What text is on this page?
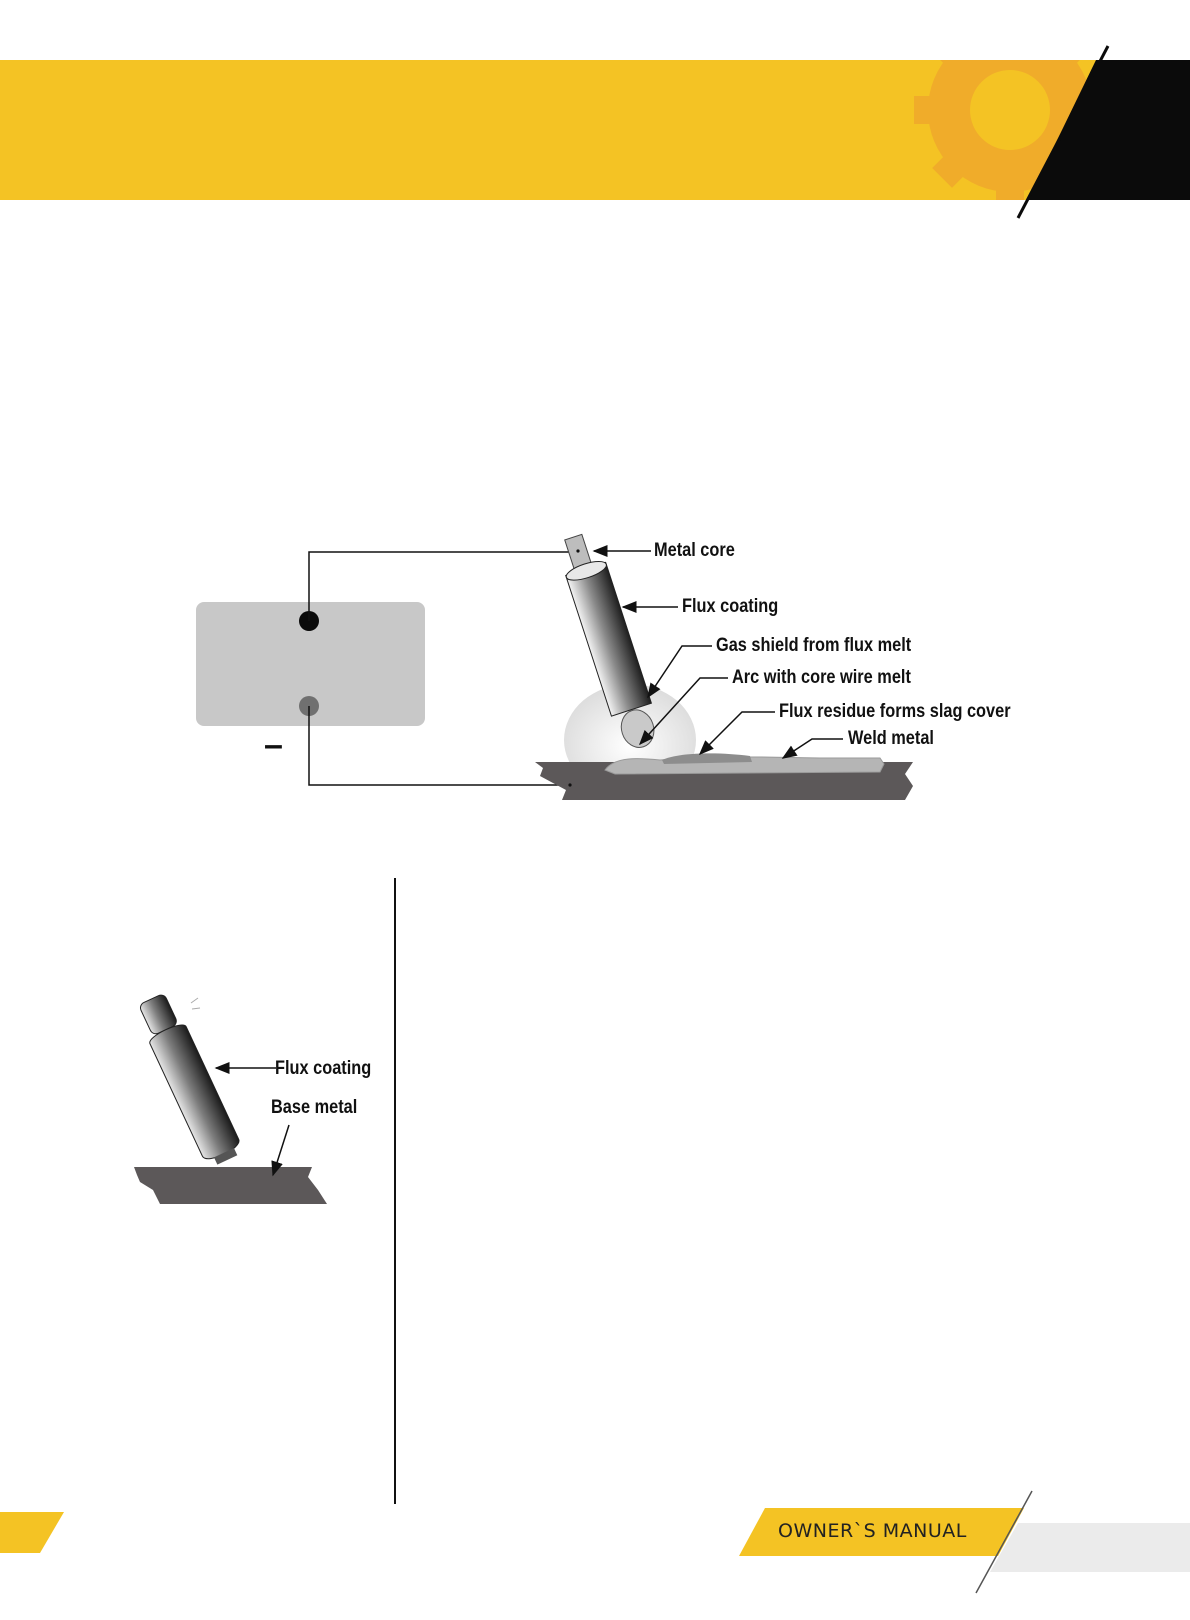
–
Metal core
Flux coating
Gas shield from flux melt
Arc with core wire melt
Flux residue forms slag cover
Weld metal
Flux coating
Base metal
OWNER`S MANUAL
